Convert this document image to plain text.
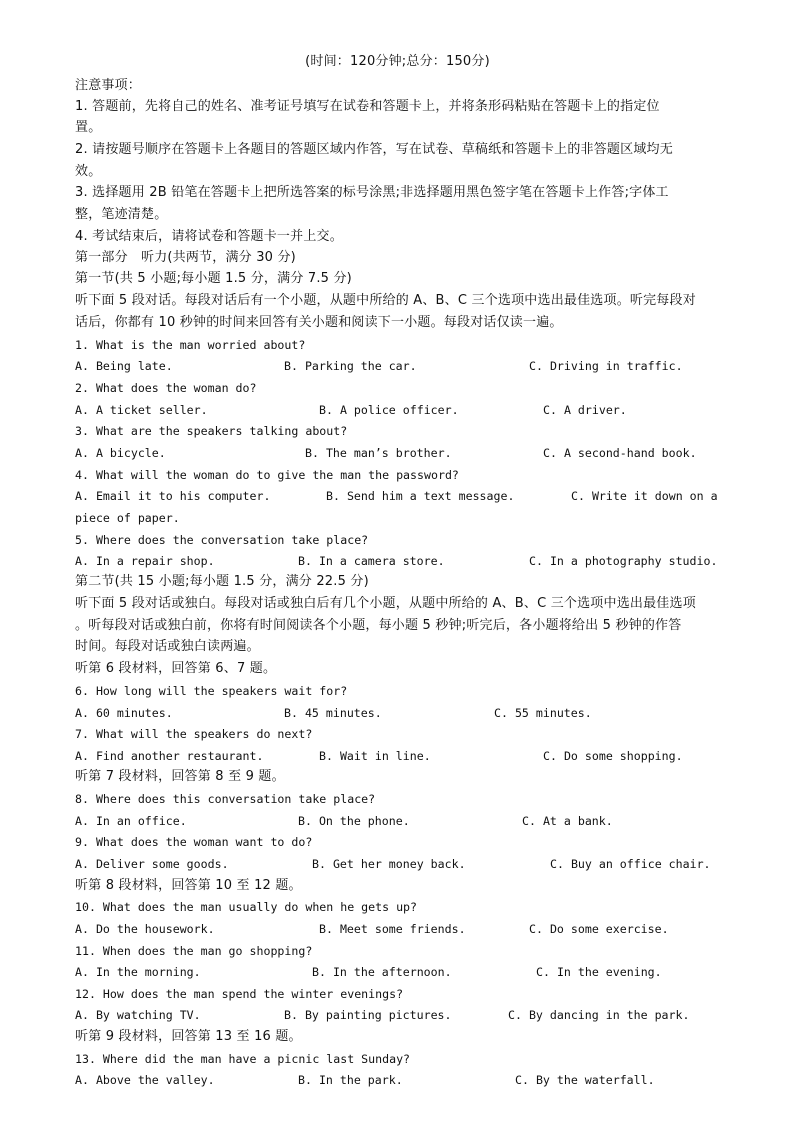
(时间：120分钟;总分：150分)
注意事项：
1. 答题前，先将自己的姓名、准考证号填写在试卷和答题卡上，并将条形码粘贴在答题卡上的指定位
置。
2. 请按题号顺序在答题卡上各题目的答题区域内作答，写在试卷、草稿纸和答题卡上的非答题区域均无
效。
3. 选择题用 2B 铅笔在答题卡上把所选答案的标号涂黑;非选择题用黑色签字笔在答题卡上作答;字体工
整，笔迹清楚。
4. 考试结束后，请将试卷和答题卡一并上交。
第一部分　听力(共两节，满分 30 分)
第一节(共 5 小题;每小题 1.5 分，满分 7.5 分)
听下面 5 段对话。每段对话后有一个小题，从题中所给的 A、B、C 三个选项中选出最佳选项。听完每段对
话后，你都有 10 秒钟的时间来回答有关小题和阅读下一小题。每段对话仅读一遍。
1. What is the man worried about?
A. Being late.	B. Parking the car.	C. Driving in traffic.
2. What does the woman do?
A. A ticket seller.	B. A police officer.	C. A driver.
3. What are the speakers talking about?
A. A bicycle.	B. The man’s brother.	C. A second-hand book.
4. What will the woman do to give the man the password?
A. Email it to his computer.	B. Send him a text message.	C. Write it down on a
piece of paper.
5. Where does the conversation take place?
A. In a repair shop.	B. In a camera store.	C. In a photography studio.
第二节(共 15 小题;每小题 1.5 分，满分 22.5 分)
听下面 5 段对话或独白。每段对话或独白后有几个小题，从题中所给的 A、B、C 三个选项中选出最佳选项
。听每段对话或独白前，你将有时间阅读各个小题，每小题 5 秒钟;听完后，各小题将给出 5 秒钟的作答
时间。每段对话或独白读两遍。
听第 6 段材料，回答第 6、7 题。
6. How long will the speakers wait for?
A. 60 minutes.	B. 45 minutes.	C. 55 minutes.
7. What will the speakers do next?
A. Find another restaurant.	B. Wait in line.	C. Do some shopping.
听第 7 段材料，回答第 8 至 9 题。
8. Where does this conversation take place?
A. In an office.	B. On the phone.	C. At a bank.
9. What does the woman want to do?
A. Deliver some goods.	B. Get her money back.	C. Buy an office chair.
听第 8 段材料，回答第 10 至 12 题。
10. What does the man usually do when he gets up?
A. Do the housework.	B. Meet some friends.	C. Do some exercise.
11. When does the man go shopping?
A. In the morning.	B. In the afternoon.	C. In the evening.
12. How does the man spend the winter evenings?
A. By watching TV.	B. By painting pictures.	C. By dancing in the park.
听第 9 段材料，回答第 13 至 16 题。
13. Where did the man have a picnic last Sunday?
A. Above the valley.	B. In the park.	C. By the waterfall.
